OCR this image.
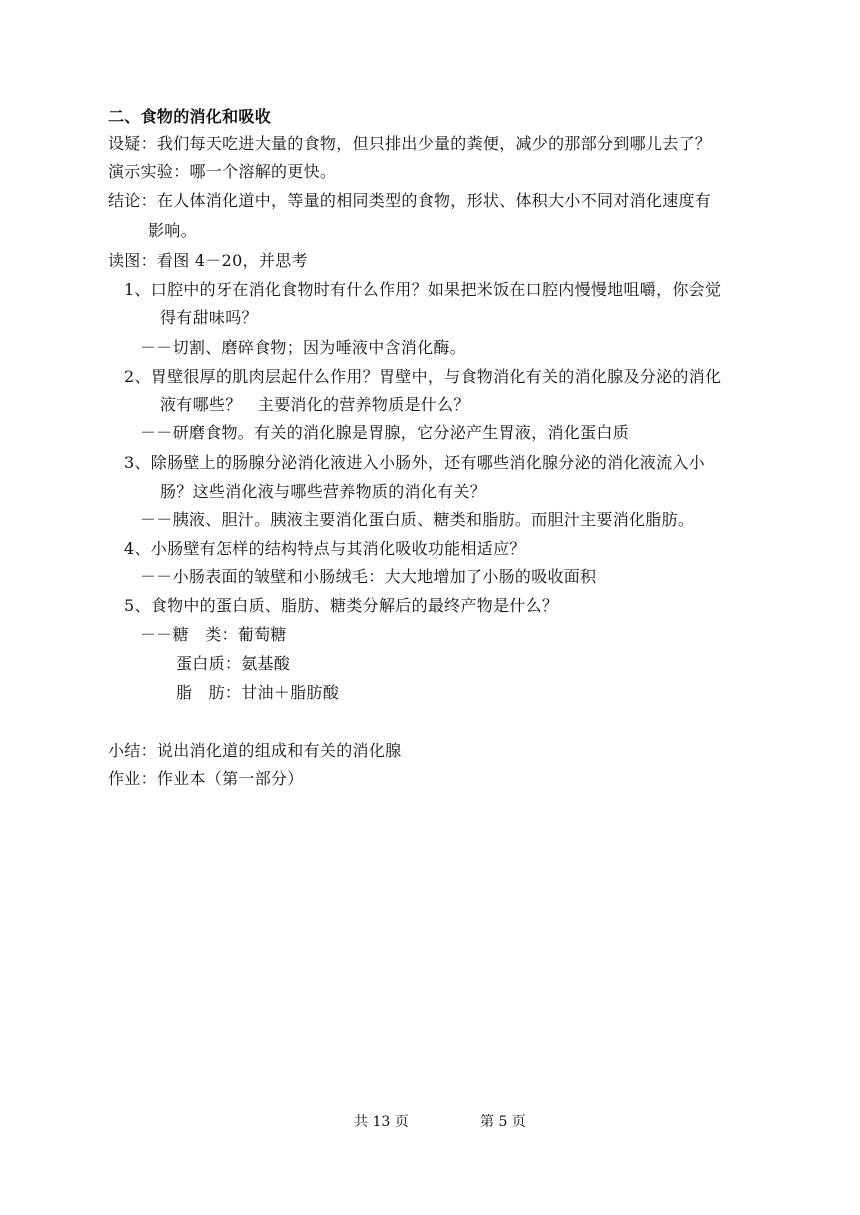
二、食物的消化和吸收
设疑：我们每天吃进大量的食物，但只排出少量的粪便，减少的那部分到哪儿去了？
演示实验：哪一个溶解的更快。
结论：在人体消化道中，等量的相同类型的食物，形状、体积大小不同对消化速度有
影响。
读图：看图 4－20，并思考
1、口腔中的牙在消化食物时有什么作用？如果把米饭在口腔内慢慢地咀嚼，你会觉
得有甜味吗？
－－切割、磨碎食物；因为唾液中含消化酶。
2、胃壁很厚的肌肉层起什么作用？胃壁中，与食物消化有关的消化腺及分泌的消化
液有哪些？　主要消化的营养物质是什么？
－－研磨食物。有关的消化腺是胃腺，它分泌产生胃液，消化蛋白质
3、除肠壁上的肠腺分泌消化液进入小肠外，还有哪些消化腺分泌的消化液流入小
肠？这些消化液与哪些营养物质的消化有关？
－－胰液、胆汁。胰液主要消化蛋白质、糖类和脂肪。而胆汁主要消化脂肪。
4、小肠壁有怎样的结构特点与其消化吸收功能相适应？
－－小肠表面的皱壁和小肠绒毛：大大地增加了小肠的吸收面积
5、食物中的蛋白质、脂肪、糖类分解后的最终产物是什么？
－－糖　类：葡萄糖
蛋白质：氨基酸
脂　肪：甘油＋脂肪酸
小结：说出消化道的组成和有关的消化腺
作业：作业本（第一部分）
共 13 页	第 5 页
